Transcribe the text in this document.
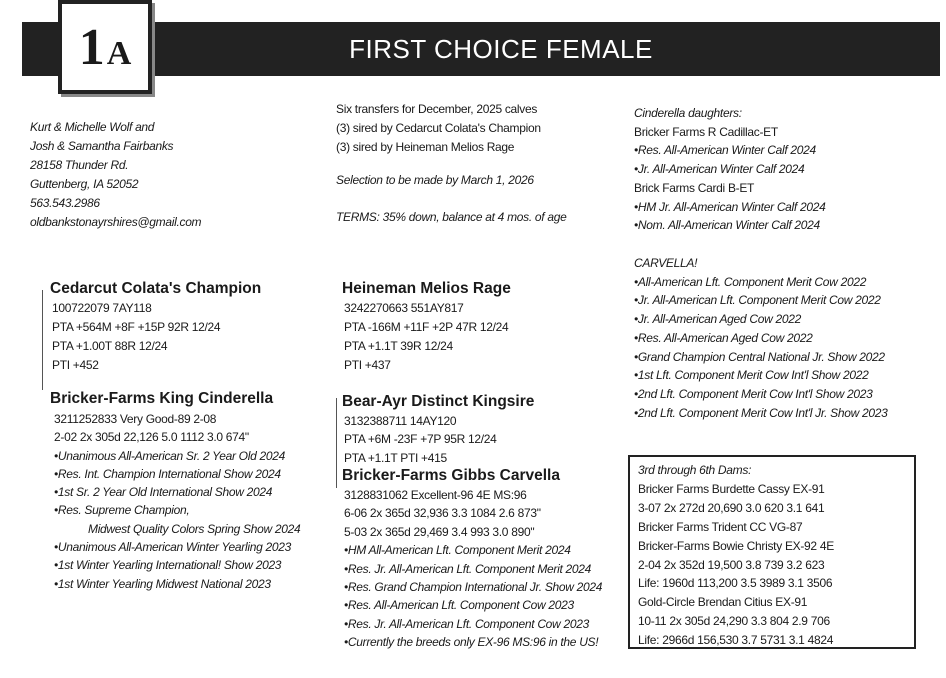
FIRST CHOICE FEMALE
1A
Kurt & Michelle Wolf and
Josh & Samantha Fairbanks
28158 Thunder Rd.
Guttenberg, IA 52052
563.543.2986
oldbankstonayrshires@gmail.com
Six transfers for December, 2025 calves
(3) sired by Cedarcut Colata's Champion
(3) sired by Heineman Melios Rage
Selection to be made by March 1, 2026
TERMS: 35% down, balance at 4 mos. of age
Cedarcut Colata's Champion
100722079 7AY118
PTA +564M +8F +15P 92R 12/24
PTA +1.00T 88R 12/24
PTI +452
Bricker-Farms King Cinderella
3211252833 Very Good-89 2-08
2-02 2x 305d 22,126 5.0 1112 3.0 674"
•Unanimous All-American Sr. 2 Year Old 2024
•Res. Int. Champion International Show 2024
•1st Sr. 2 Year Old International Show 2024
•Res. Supreme Champion,
Midwest Quality Colors Spring Show 2024
•Unanimous All-American Winter Yearling 2023
•1st Winter Yearling International! Show 2023
•1st Winter Yearling Midwest National 2023
Heineman Melios Rage
3242270663 551AY817
PTA -166M +11F +2P 47R 12/24
PTA +1.1T 39R 12/24
PTI +437
Bear-Ayr Distinct Kingsire
3132388711 14AY120
PTA +6M -23F +7P 95R 12/24
PTA +1.1T PTI +415
Bricker-Farms Gibbs Carvella
3128831062 Excellent-96 4E MS:96
6-06 2x 365d 32,936 3.3 1084 2.6 873"
5-03 2x 365d 29,469 3.4 993 3.0 890"
•HM All-American Lft. Component Merit 2024
•Res. Jr. All-American Lft. Component Merit 2024
•Res. Grand Champion International Jr. Show 2024
•Res. All-American Lft. Component Cow 2023
•Res. Jr. All-American Lft. Component Cow 2023
•Currently the breeds only EX-96 MS:96 in the US!
Cinderella daughters:
Bricker Farms R Cadillac-ET
•Res. All-American Winter Calf 2024
•Jr. All-American Winter Calf 2024
Brick Farms Cardi B-ET
•HM Jr. All-American Winter Calf 2024
•Nom. All-American Winter Calf 2024
CARVELLA!
•All-American Lft. Component Merit Cow 2022
•Jr. All-American Lft. Component Merit Cow 2022
•Jr. All-American Aged Cow 2022
•Res. All-American Aged Cow 2022
•Grand Champion Central National Jr. Show 2022
•1st Lft. Component Merit Cow Int'l Show 2022
•2nd Lft. Component Merit Cow Int'l Show 2023
•2nd Lft. Component Merit Cow Int'l Jr. Show 2023
3rd through 6th Dams:
Bricker Farms Burdette Cassy EX-91
3-07 2x 272d 20,690 3.0 620 3.1 641
Bricker Farms Trident CC VG-87
Bricker-Farms Bowie Christy EX-92 4E
2-04 2x 352d 19,500 3.8 739 3.2 623
Life: 1960d 113,200 3.5 3989 3.1 3506
Gold-Circle Brendan Citius EX-91
10-11 2x 305d 24,290 3.3 804 2.9 706
Life: 2966d 156,530 3.7 5731 3.1 4824
